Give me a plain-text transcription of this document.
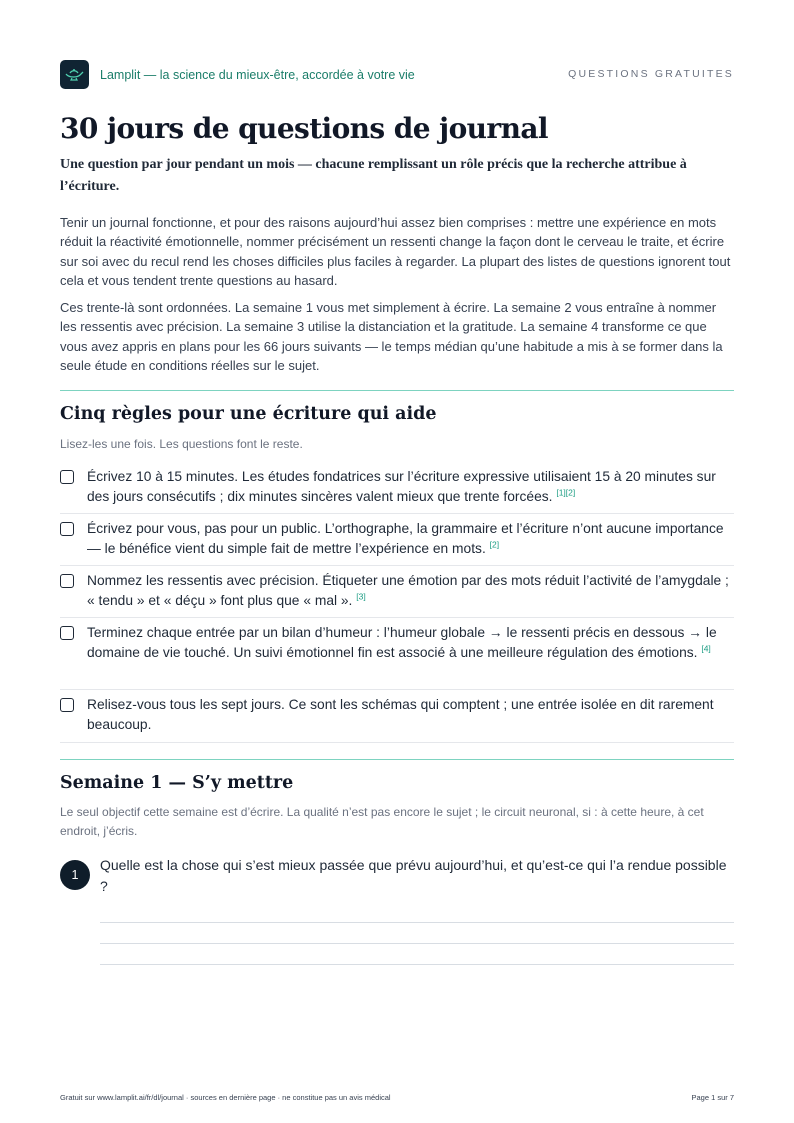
Lamplit — la science du mieux-être, accordée à votre vie	QUESTIONS GRATUITES
30 jours de questions de journal

Une question par jour pendant un mois — chacune remplissant un rôle précis que la recherche attribue à l’écriture.

Tenir un journal fonctionne, et pour des raisons aujourd’hui assez bien comprises : mettre une expérience en mots réduit la réactivité émotionnelle, nommer précisément un ressenti change la façon dont le cerveau le traite, et écrire sur soi avec du recul rend les choses difficiles plus faciles à regarder. La plupart des listes de questions ignorent tout cela et vous tendent trente questions au hasard.

Ces trente-là sont ordonnées. La semaine 1 vous met simplement à écrire. La semaine 2 vous entraîne à nommer les ressentis avec précision. La semaine 3 utilise la distanciation et la gratitude. La semaine 4 transforme ce que vous avez appris en plans pour les 66 jours suivants — le temps médian qu’une habitude a mis à se former dans la seule étude en conditions réelles sur le sujet.

Cinq règles pour une écriture qui aide

Lisez-les une fois. Les questions font le reste.

Écrivez 10 à 15 minutes. Les études fondatrices sur l’écriture expressive utilisaient 15 à 20 minutes sur des jours consécutifs ; dix minutes sincères valent mieux que trente forcées. [1][2]

Écrivez pour vous, pas pour un public. L’orthographe, la grammaire et l’écriture n’ont aucune importance — le bénéfice vient du simple fait de mettre l’expérience en mots. [2]

Nommez les ressentis avec précision. Étiqueter une émotion par des mots réduit l’activité de l’amygdale ; « tendu » et « déçu » font plus que « mal ». [3]

Terminez chaque entrée par un bilan d’humeur : l’humeur globale → le ressenti précis en dessous → le domaine de vie touché. Un suivi émotionnel fin est associé à une meilleure régulation des émotions. [4]

Relisez-vous tous les sept jours. Ce sont les schémas qui comptent ; une entrée isolée en dit rarement beaucoup.

Semaine 1 — S’y mettre

Le seul objectif cette semaine est d’écrire. La qualité n’est pas encore le sujet ; le circuit neuronal, si : à cette heure, à cet endroit, j’écris.

1

Quelle est la chose qui s’est mieux passée que prévu aujourd’hui, et qu’est-ce qui l’a rendue possible ?

Gratuit sur www.lamplit.ai/fr/dl/journal · sources en dernière page · ne constitue pas un avis médical	Page 1 sur 7
